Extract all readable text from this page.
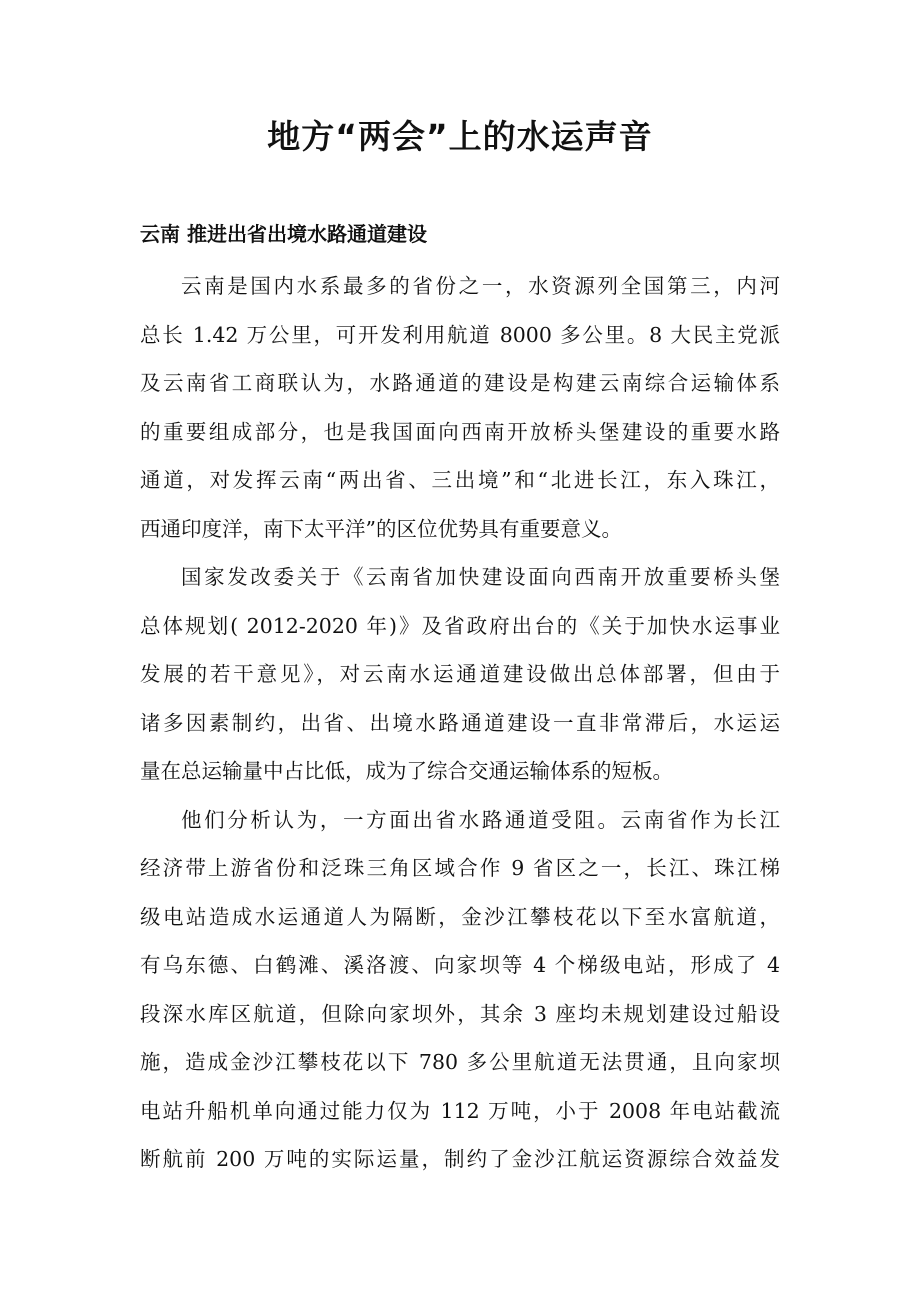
地方“两会”上的水运声音
云南 推进出省出境水路通道建设

云南是国内水系最多的省份之一，水资源列全国第三，内河
总长 1.42 万公里，可开发利用航道 8000 多公里。8 大民主党派
及云南省工商联认为，水路通道的建设是构建云南综合运输体系
的重要组成部分，也是我国面向西南开放桥头堡建设的重要水路
通道，对发挥云南“两出省、三出境”和“北进长江，东入珠江，
西通印度洋，南下太平洋”的区位优势具有重要意义。

国家发改委关于《云南省加快建设面向西南开放重要桥头堡
总体规划( 2012-2020 年)》及省政府出台的《关于加快水运事业
发展的若干意见》，对云南水运通道建设做出总体部署，但由于
诸多因素制约，出省、出境水路通道建设一直非常滞后，水运运
量在总运输量中占比低，成为了综合交通运输体系的短板。

他们分析认为，一方面出省水路通道受阻。云南省作为长江
经济带上游省份和泛珠三角区域合作 9 省区之一，长江、珠江梯
级电站造成水运通道人为隔断，金沙江攀枝花以下至水富航道，
有乌东德、白鹤滩、溪洛渡、向家坝等 4 个梯级电站，形成了 4
段深水库区航道，但除向家坝外，其余 3 座均未规划建设过船设
施，造成金沙江攀枝花以下 780 多公里航道无法贯通，且向家坝
电站升船机单向通过能力仅为 112 万吨，小于 2008 年电站截流
断航前 200 万吨的实际运量，制约了金沙江航运资源综合效益发
